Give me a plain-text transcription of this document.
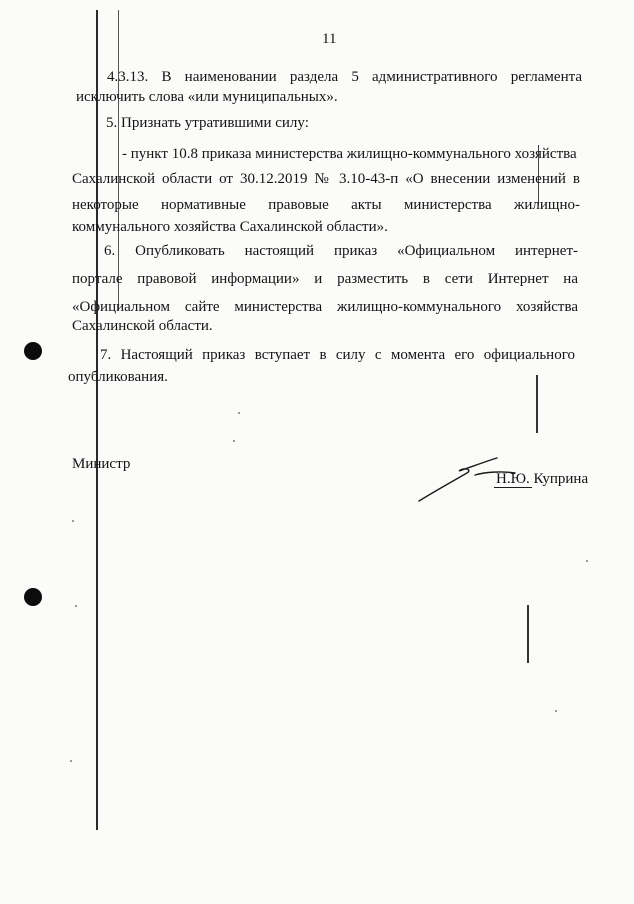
11
4.3.13. В наименовании раздела 5 административного регламента
исключить слова «или муниципальных».
5. Признать утратившими силу:
- пункт 10.8 приказа министерства жилищно-коммунального хозяйства
Сахалинской области от 30.12.2019 № 3.10-43-п «О внесении изменений в
некоторые нормативные правовые акты министерства жилищно-
коммунального хозяйства Сахалинской области».
6. Опубликовать настоящий приказ «Официальном интернет-
портале правовой информации» и разместить в сети Интернет на
«Официальном сайте министерства жилищно-коммунального хозяйства
Сахалинской области.
7. Настоящий приказ вступает в силу с момента его официального
опубликования.
Министр
Н.Ю. Куприна
